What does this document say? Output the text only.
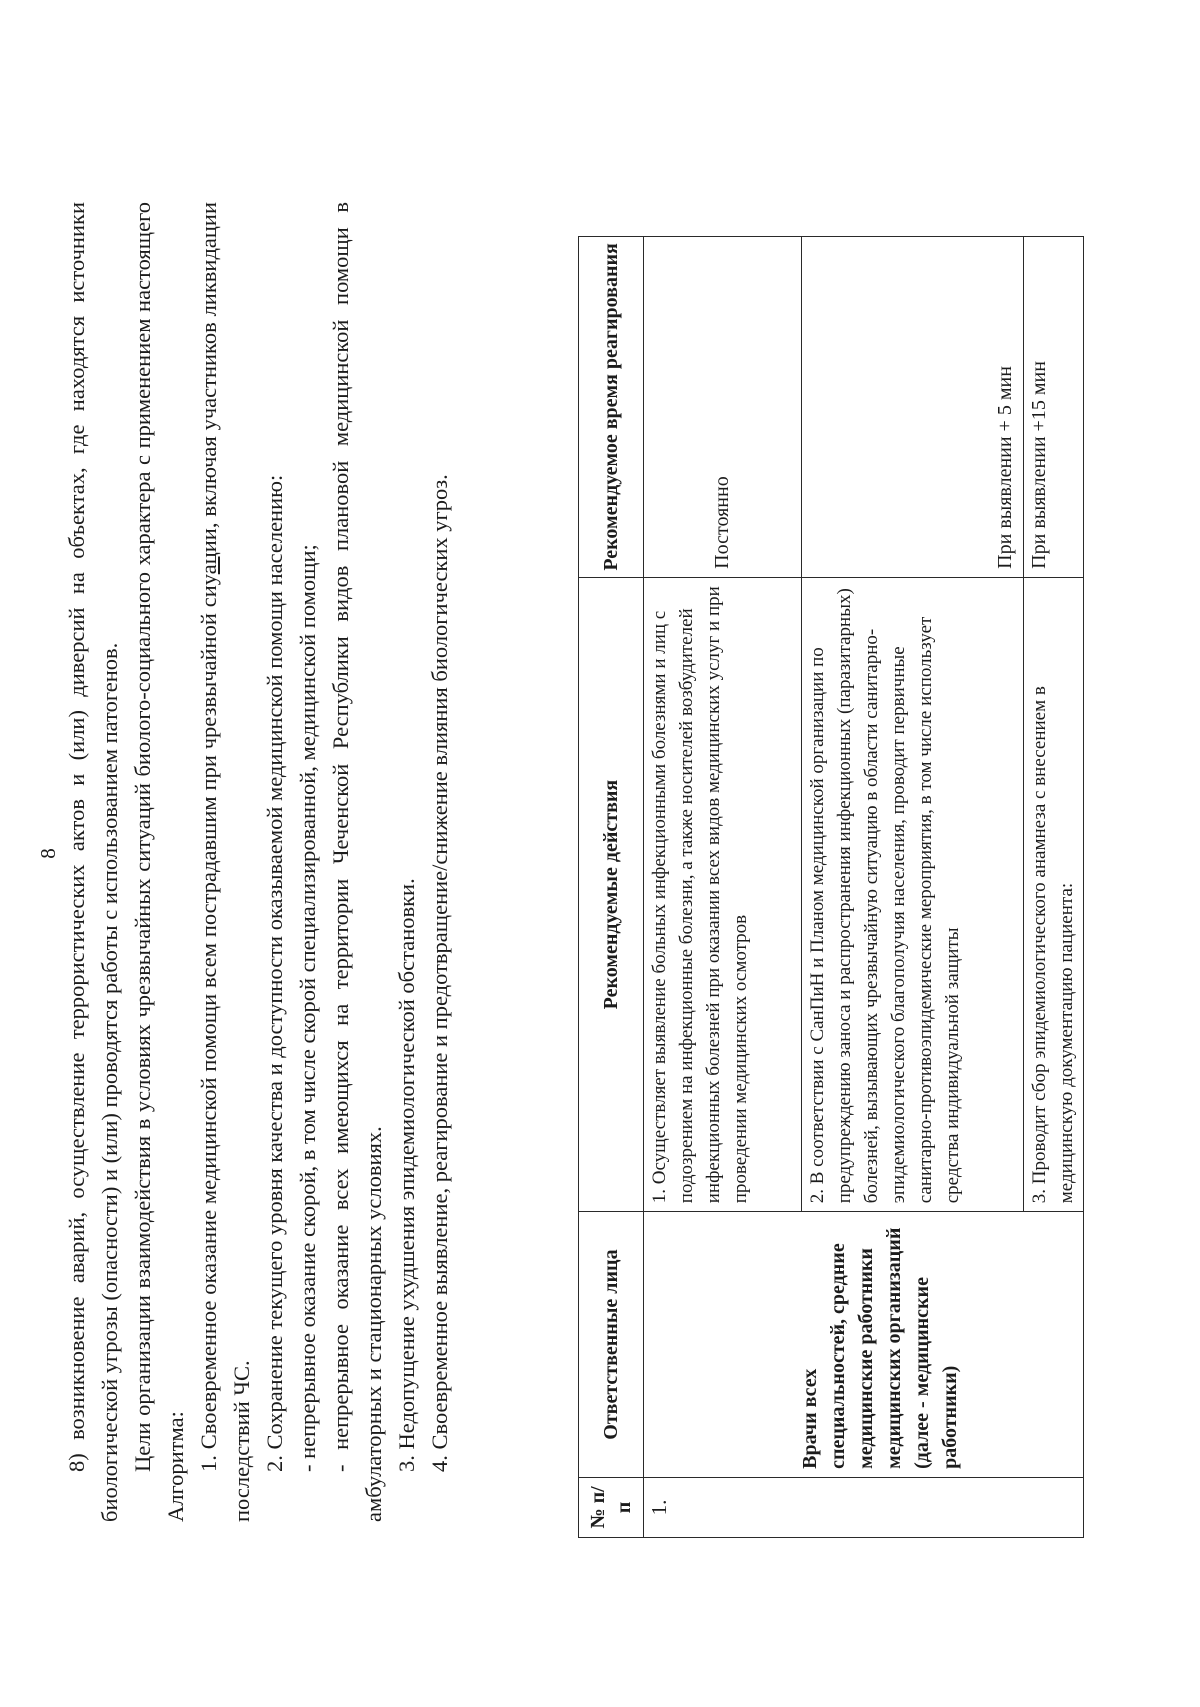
8 8) возникновение аварий, осуществление террористических актов и (или) диверсий на объектах, где находятся источники биологической угрозы (опасности) и (или) проводятся работы с использованием патогенов. Цели организации взаимодействия в условиях чрезвычайных ситуаций биолого-социального характера с применением настоящего Алгоритма: 1. Своевременное оказание медицинской помощи всем пострадавшим при чрезвычайной сиуации, включая участников ликвидации последствий ЧС. 2. Сохранение текущего уровня качества и доступности оказываемой медицинской помощи населению: - непрерывное оказание скорой, в том числе скорой специализированной, медицинской помощи; - непрерывное оказание всех имеющихся на территории Чеченской Республики видов плановой медицинской помощи в амбулаторных и стационарных условиях. 3. Недопущение ухудшения эпидемиологической обстановки. 4. Своевременное выявление, реагирование и предотвращение/снижение влияния биологических угроз.

№ п/п	Ответственные лица	Рекомендуемые действия	Рекомендуемое время реагирования
1.	Врачи всех специальностей, средние медицинские работники медицинских организаций (далее - медицинские работники)	1. Осуществляет выявление больных инфекционными болезнями и лиц с подозрением на инфекционные болезни, а также носителей возбудителей инфекционных болезней при оказании всех видов медицинских услуг и при проведении медицинских осмотров	Постоянно
		2. В соответствии с СанПиН и Планом медицинской организации по предупреждению заноса и распространения инфекционных (паразитарных) болезней, вызывающих чрезвычайную ситуацию в области санитарно-эпидемиологического благополучия населения, проводит первичные санитарно-противоэпидемические мероприятия, в том числе использует средства индивидуальной защиты	При выявлении + 5 мин
		3. Проводит сбор эпидемиологического анамнеза с внесением в медицинскую документацию пациента:	При выявлении +15 мин
